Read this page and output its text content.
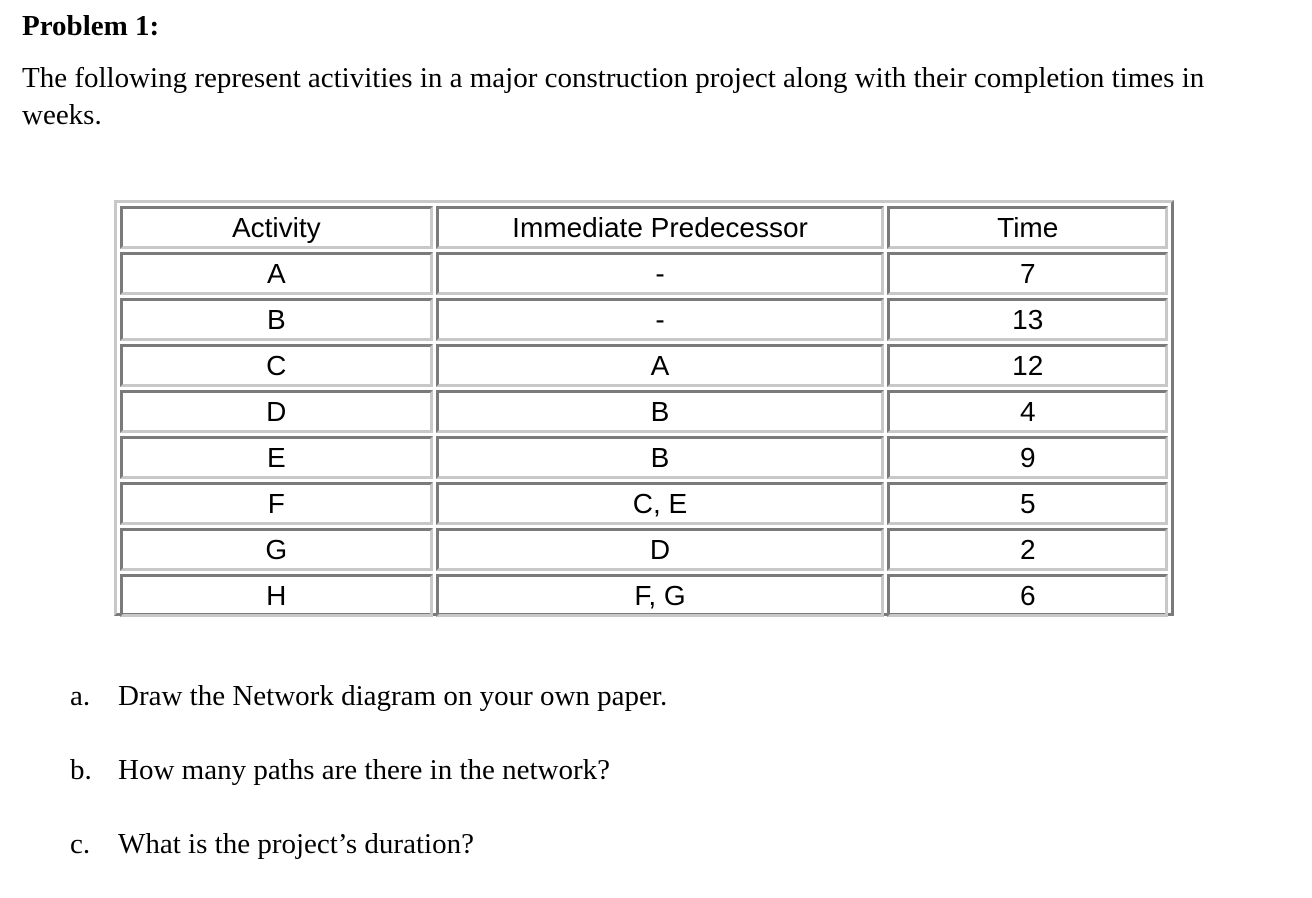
Problem 1:
The following represent activities in a major construction project along with their completion times in weeks.
Activity	Immediate Predecessor	Time
A	-	7
B	-	13
C	A	12
D	B	4
E	B	9
F	C, E	5
G	D	2
H	F, G	6
a. Draw the Network diagram on your own paper.
b. How many paths are there in the network?
c. What is the project’s duration?
